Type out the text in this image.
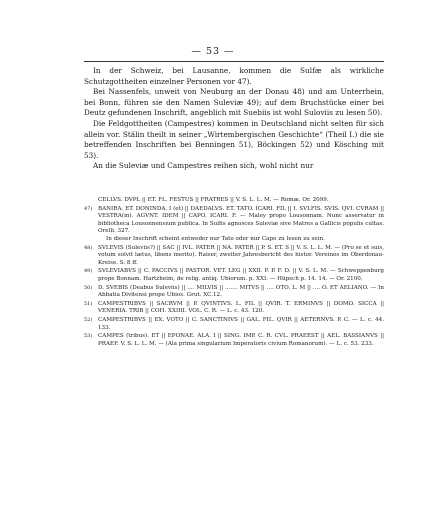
— 53 —

In der Schweiz, bei Lausanne, kommen die Sulfæ als wirkliche Schutzgottheiten einzelner Personen vor 47).

Bei Nassenfels, unweit von Neuburg an der Donau 48) und am Unterrhein, bei Bonn, führen sie den Namen Suleviæ 49); auf dem Bruchstücke einer bei Deutz gefundenen Inschrift, angeblich mit Suebiis ist wohl Suloviis zu lesen 50).

Die Feldgottheiten (Campestres) kommen in Deutschland nicht selten für sich allein vor. Stälin theilt in seiner „Wirtembergischen Geschichte“ (Theil I.) die sie betreffenden Inschriften bei Benningen 51), Böckingen 52) und Kösching mit 53).

An die Suleviæ und Campestres reihen sich, wohl nicht nur

CELLVS. DVPL || ET. FL. FESTUS || FRATRES || V. S. L. L. M. — Romæ. Or. 2099.
47) BANIRA. ET. DONINDA. I (et) || DAEDALVS. ET. TATO. ICARI. FIL || I. SVLFIS. SVIS. QVI. CVRAM || VESTRA(m). AGVNT. IDEM || CAPO. ICARI. F. — Maley propo Lousonnam. Nunc asservatur in bibliotheca Lousonnensium publica. In Sulfis agnosces Suleviæ sive Matres a Gallicis populis cultas. Orelli. 327.
In dieser Inschrift scheint entweder nur Tato oder nur Capo zu lesen zu sein.
48) SVLEVIS (Suleviis?) || SAC || IVL. PATER || NA. PATER || P. S. ET. S || V. S. L. L. M. — (Pro se et suis, votum solvit lætus, libens merito). Raiser, zweiter Jahresbericht des histor. Vereines im Oberdonau-Kreise. S. 8 ff.
49) SVLEVIABVS || C. PACCIVS || PASTOR. VET. LEG || XXII. P. P. F. D. || V. S. L. M. — Schweppenburg prope Bonnam. Hartzheim, de relig. antiq. Ubiorum. p. XXI. — Hüpsch p. 14. 14. — Or. 2100.
50) D. SVEBIS (Deabus Suleviis) || .... MILVIS || ....... MITVS || .... OTO. L. M || .... O. ET AELIANO. — In Abbatia Divitensi prope Ubios. Grut. XC.12.
51) CAMPESTRIBVS || SACRVM || P. QVINTIVS. L. FIL || QVIR. T. ERMINVS || DOMO. SICCA || VENERIA. TRIB || COH. XXIIII. VOL. C. R. — L. c. 43. 120.
52) CAMPESTRIBVS || EX. VOTO || C. SANCTINIVS || GAL. FIL. QVIR || AETERNVS. P. C. — L. c. 44. 133.
53) CAMPES (tribus). ET || EPONAE. ALA. I || SING. IMP. C. R. CVL. PRAEEST || AEL. BASSIANVS || PRAEF. V. S. L. L. M. — (Ala prima singularium Imperatoris civium Romanorum). — L. c. 53. 233.
